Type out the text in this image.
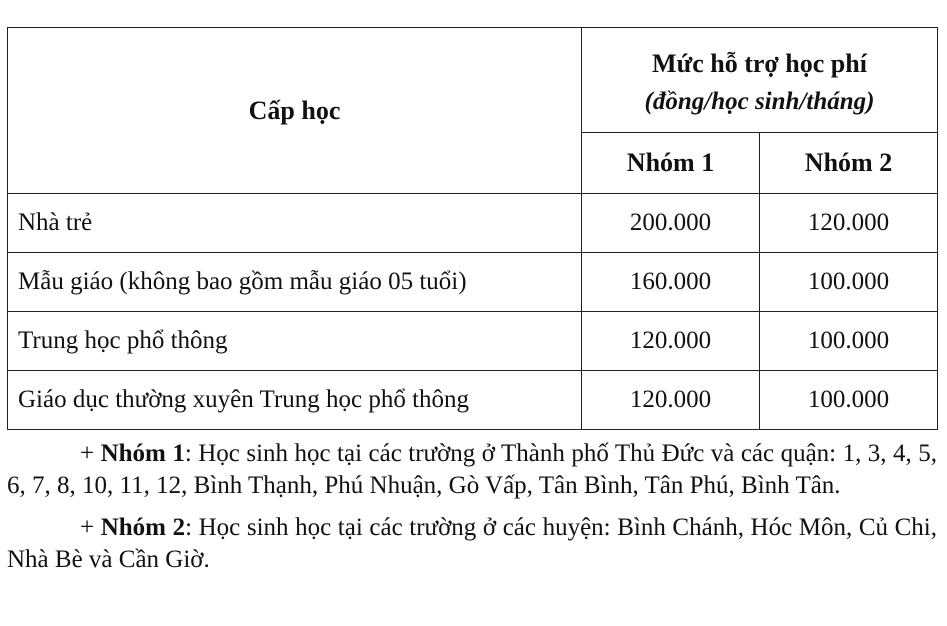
Cấp học	Mức hỗ trợ học phí
(đồng/học sinh/tháng)	

	Nhóm 1	Nhóm 2
Nhà trẻ	200.000	120.000
Mẫu giáo (không bao gồm mẫu giáo 05 tuổi)	160.000	100.000
Trung học phổ thông	120.000	100.000
Giáo dục thường xuyên Trung học phổ thông	120.000	100.000

+ Nhóm 1: Học sinh học tại các trường ở Thành phố Thủ Đức và các quận: 1, 3, 4, 5, 6, 7, 8, 10, 11, 12, Bình Thạnh, Phú Nhuận, Gò Vấp, Tân Bình, Tân Phú, Bình Tân.

+ Nhóm 2: Học sinh học tại các trường ở các huyện: Bình Chánh, Hóc Môn, Củ Chi, Nhà Bè và Cần Giờ.
